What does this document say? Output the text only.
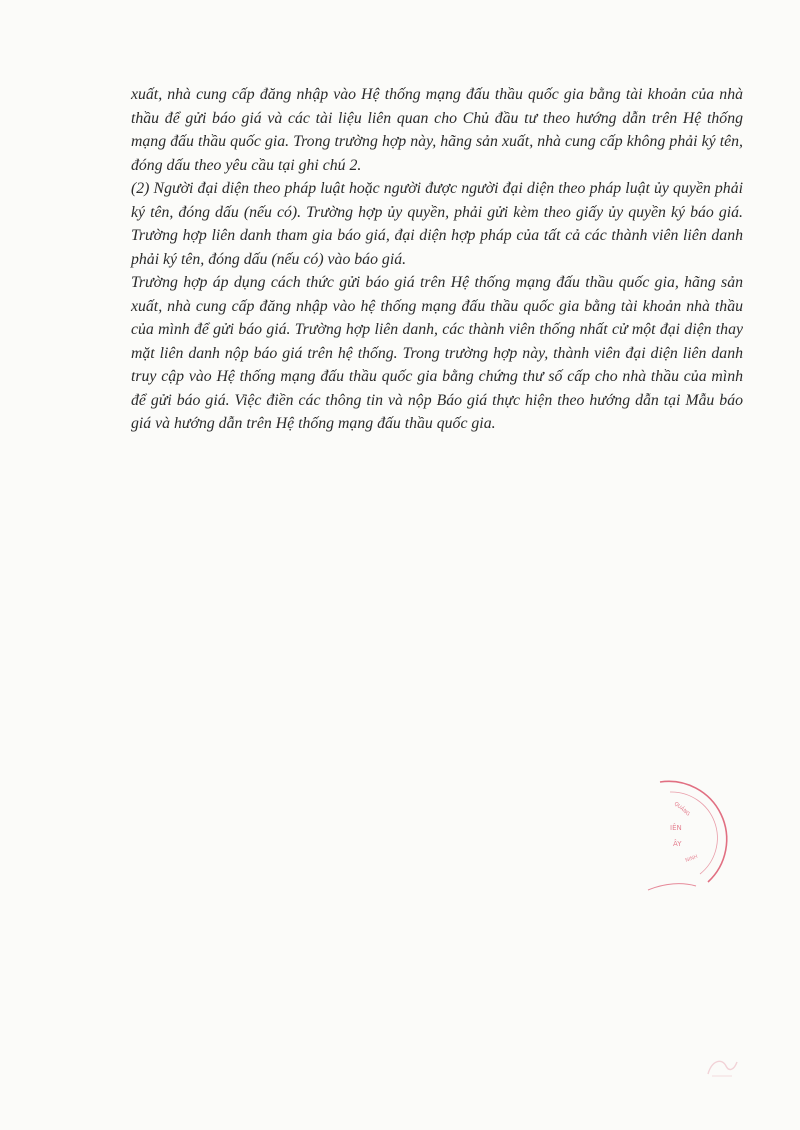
xuất, nhà cung cấp đăng nhập vào Hệ thống mạng đấu thầu quốc gia bằng tài khoản của nhà thầu để gửi báo giá và các tài liệu liên quan cho Chủ đầu tư theo hướng dẫn trên Hệ thống mạng đấu thầu quốc gia. Trong trường hợp này, hãng sản xuất, nhà cung cấp không phải ký tên, đóng dấu theo yêu cầu tại ghi chú 2.

(2) Người đại diện theo pháp luật hoặc người được người đại diện theo pháp luật ủy quyền phải ký tên, đóng dấu (nếu có). Trường hợp ủy quyền, phải gửi kèm theo giấy ủy quyền ký báo giá. Trường hợp liên danh tham gia báo giá, đại diện hợp pháp của tất cả các thành viên liên danh phải ký tên, đóng dấu (nếu có) vào báo giá.

Trường hợp áp dụng cách thức gửi báo giá trên Hệ thống mạng đấu thầu quốc gia, hãng sản xuất, nhà cung cấp đăng nhập vào hệ thống mạng đấu thầu quốc gia bằng tài khoản nhà thầu của mình để gửi báo giá. Trường hợp liên danh, các thành viên thống nhất cử một đại diện thay mặt liên danh nộp báo giá trên hệ thống. Trong trường hợp này, thành viên đại diện liên danh truy cập vào Hệ thống mạng đấu thầu quốc gia bằng chứng thư số cấp cho nhà thầu của mình để gửi báo giá. Việc điền các thông tin và nộp Báo giá thực hiện theo hướng dẫn tại Mẫu báo giá và hướng dẫn trên Hệ thống mạng đấu thầu quốc gia.

QUẢNG
IÊN
ÂY
NINH
